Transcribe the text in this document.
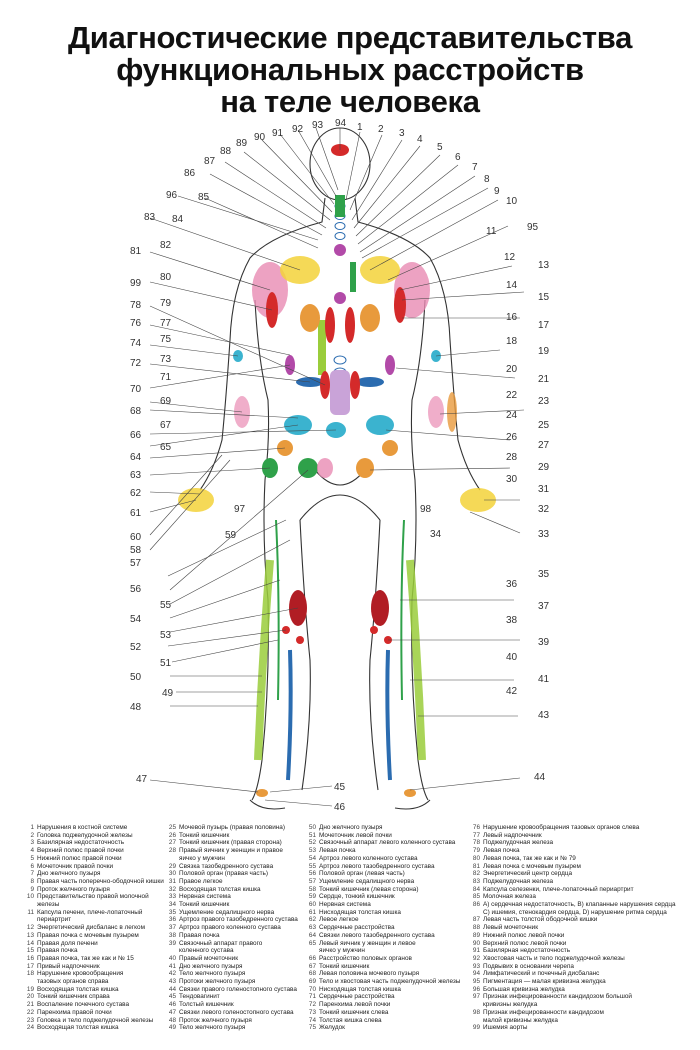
Диагностические представительства
функциональных расстройств
на теле человека
94 1 2 3
4
5
6
7
8
9
10
11	95
12
13
14
15
16
17
18
19
20
21
22
23
24
25
26
27
28
29
30
31
32
33
34
35
36
37
38
39
40
41
42
43
44
45
46
47
48
49
50
51
52
53
54
55
56
57
58
59
60
61
62
63
64
65
66
67
68
69
70
71
72 73
74 75
76 77
78 79
80
99
81
82
83 84
85
96
86
87
88
89
90 91 92 93
97	98
1 Нарушения в костной системе
2 Головка поджелудочной железы
3 Базилярная недостаточность
4 Верхний полюс правой почки
5 Нижний полюс правой почки
6 Мочеточник правой почки
7 Дно желчного пузыря
8 Правая часть поперечно-ободочной кишки
9 Проток желчного пузыря
10 Представительство правой молочной
железы
11 Капсула печени, плече-лопаточный
периартрит
12 Энергетический дисбаланс в легком
13 Правая почка с мочевым пузырем
14 Правая доля печени
15 Правая почка
16 Правая почка, так же как и № 15
17 Привый надпочечник
18 Нарушение кровообращения
тазовых органов справа
19 Восходящая толстая кишка
20 Тонкий кишечник справа
21 Воспаление почечного сустава
22 Паренхима правой почки
23 Головка и тело поджелудочной железы
24 Восходящая толстая кишка
25 Мочевой пузырь (правая половина)
26 Тонкий кишечник
27 Тонкий кишечник (правая сторона)
28 Правый яичник у женщин и правое
яичко у мужчин
29 Связка тазобедренного сустава
30 Половой орган (правая часть)
31 Правое легкое
32 Восходящая толстая кишка
33 Нервная система
34 Тонкий кишечник
35 Ущемление седалищного нерва
36 Артроз правого тазобедренного сустава
37 Артроз правого коленного сустава
38 Правая почка
39 Связочный аппарат правого
коленного сустава
40 Правый мочеточник
41 Дно желчного пузыря
42 Тело желчного пузыря
43 Протоки желчного пузыря
44 Связки правого голеностопного сустава
45 Тендовагинит
46 Толстый кишечник
47 Связки левого голеностопного сустава
48 Проток желчного пузыря
49 Тело желчного пузыря
50 Дно желчного пузыря
51 Мочеточник левой почки
52 Связочный аппарат левого коленного сустава
53 Левая почка
54 Артроз левого коленного сустава
55 Артроз левого тазобедренного сустава
56 Половой орган (левая часть)
57 Ущемление седалищного нерва
58 Тонкий кишечник (левая сторона)
59 Сердце, тонкий кишечник
60 Нервная система
61 Нисходящая толстая кишка
62 Левое легкое
63 Сердечные расстройства
64 Связки левого тазобедренного сустава
65 Левый яичник у женщин и левое
яичко у мужчин
66 Расстройство половых органов
67 Тонкий кишечник
68 Левая половина мочевого пузыря
69 Тело и хвостовая часть поджелудочной железы
70 Нисходящая толстая кишка
71 Сердечные расстройства
72 Паренхима левой почки
73 Тонкий кишечник слева
74 Толстая кишка слева
75 Желудок
76 Нарушение кровообращения тазовых органов слева
77 Левый надпочечник
78 Поджелудочная железа
79 Левая почка
80 Левая почка, так же как и № 79
81 Левая почка с мочевым пузырем
82 Энергетический центр сердца
83 Поджелудочная железа
84 Капсула селезенки, плече-лопаточный периартрит
85 Молочная железа
86 А) сердечная недостаточность, В) клапанные нарушения сердца
С) ишемия, стенокардия сердца, D) нарушение ритма сердца
87 Левая часть толстой ободочной кишки
88 Левый мочеточник
89 Нижний полюс левой почки
90 Верхний полюс левой почки
91 Базилярная недостаточность
92 Хвостовая часть и тело поджелудочной железы
93 Подвывих в основании черепа
94 Лимфатический и почечный дисбаланс
95 Пигментация — малая кривизна желудка
96 Большая кривизна желудка
97 Признак инфецированности кандидозом большой
кривизны желудка
98 Признак инфецированности кандидозом
малой кривизны желудка
99 Ишемия аорты
